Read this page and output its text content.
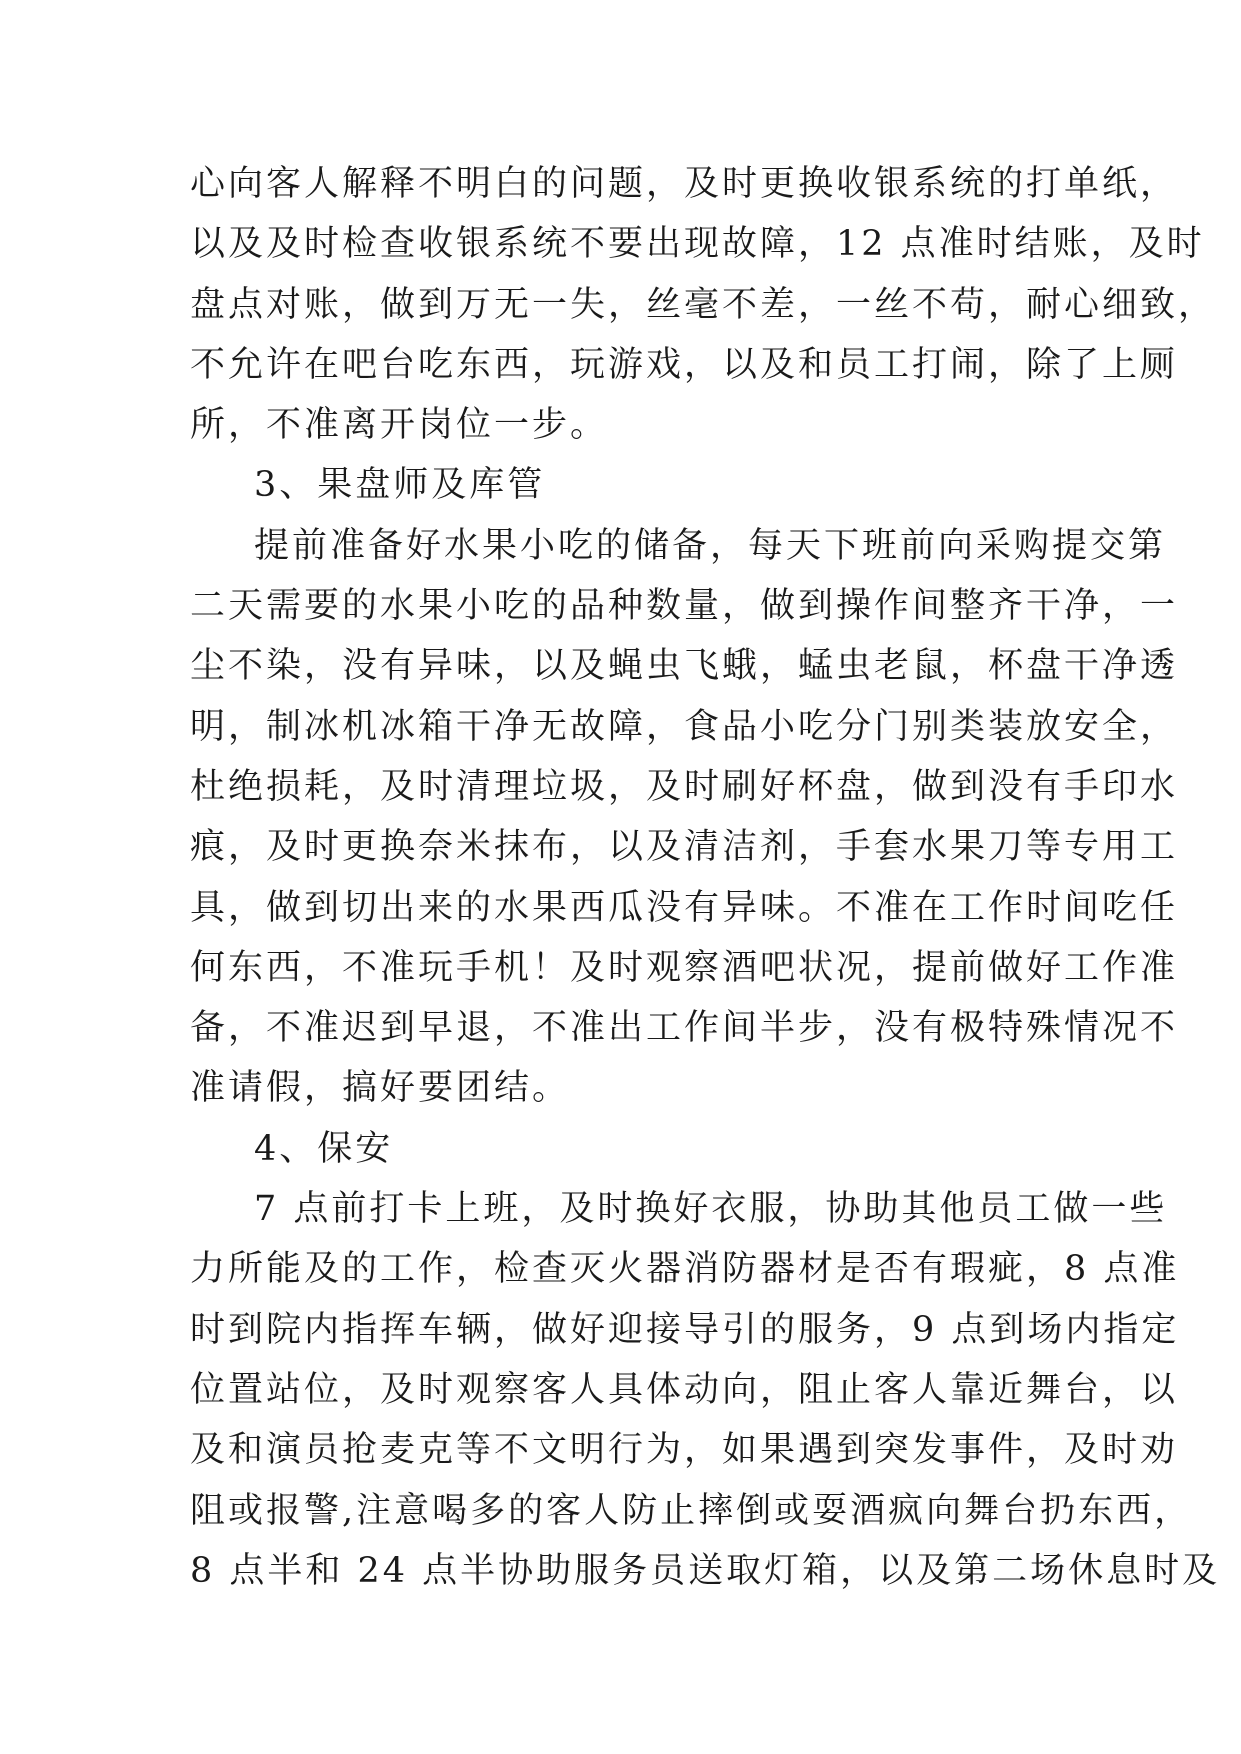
心向客人解释不明白的问题，及时更换收银系统的打单纸，
以及及时检查收银系统不要出现故障，12 点准时结账，及时
盘点对账，做到万无一失，丝毫不差，一丝不苟，耐心细致，
不允许在吧台吃东西，玩游戏，以及和员工打闹，除了上厕
所，不准离开岗位一步。
3、果盘师及库管
提前准备好水果小吃的储备，每天下班前向采购提交第
二天需要的水果小吃的品种数量，做到操作间整齐干净，一
尘不染，没有异味，以及蝇虫飞蛾，蜢虫老鼠，杯盘干净透
明，制冰机冰箱干净无故障，食品小吃分门别类装放安全，
杜绝损耗，及时清理垃圾，及时刷好杯盘，做到没有手印水
痕，及时更换奈米抹布，以及清洁剂，手套水果刀等专用工
具，做到切出来的水果西瓜没有异味。不准在工作时间吃任
何东西，不准玩手机！及时观察酒吧状况，提前做好工作准
备，不准迟到早退，不准出工作间半步，没有极特殊情况不
准请假，搞好要团结。
4、保安
7 点前打卡上班，及时换好衣服，协助其他员工做一些
力所能及的工作，检查灭火器消防器材是否有瑕疵，8 点准
时到院内指挥车辆，做好迎接导引的服务，9 点到场内指定
位置站位，及时观察客人具体动向，阻止客人靠近舞台，以
及和演员抢麦克等不文明行为，如果遇到突发事件，及时劝
阻或报警,注意喝多的客人防止摔倒或耍酒疯向舞台扔东西，
8 点半和 24 点半协助服务员送取灯箱，以及第二场休息时及
